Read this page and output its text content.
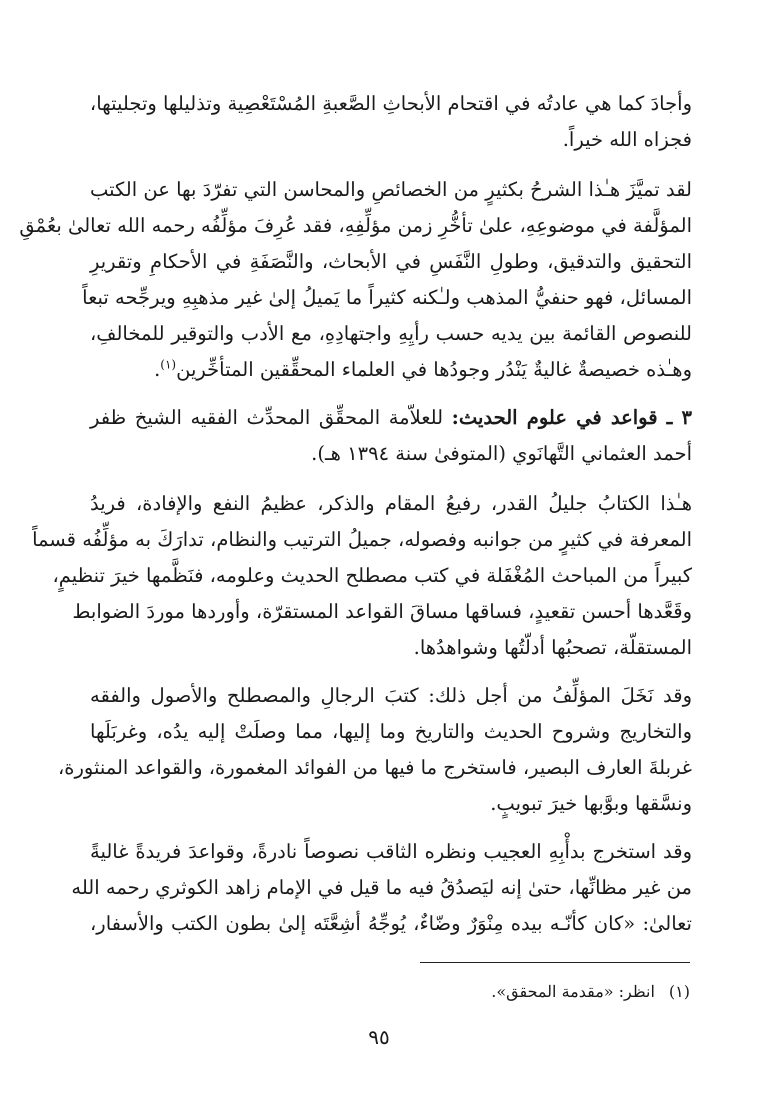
وأجادَ كما هي عادتُه في اقتحام الأبحاثِ الصَّعبةِ المُسْتَعْصِية وتذليلها وتجليتها،
فجزاه الله خيراً.
لقد تميَّزَ هـٰذا الشرحُ بكثيرٍ من الخصائصِ والمحاسن التي تفرّدَ بها عن الكتب
المؤلَّفة في موضوعِهِ، علىٰ تأخُّرِ زمن مؤلِّفِهِ، فقد عُرِفَ مؤلِّفُه رحمه الله تعالىٰ بعُمْقِ
التحقيق والتدقيق، وطولِ النَّفَسِ في الأبحاث، والنَّصَفَةِ في الأحكامِ وتقريرِ
المسائل، فهو حنفيُّ المذهب ولـٰكنه كثيراً ما يَميلُ إلىٰ غير مذهبِهِ ويرجِّحه تبعاً
للنصوص القائمة بين يديه حسب رأيِهِ واجتهادِهِ، مع الأدب والتوقير للمخالفِ،
وهـٰذه خصيصةٌ غاليةٌ يَنْدُر وجودُها في العلماء المحقِّقين المتأخِّرين$^{(١)}$.
٣ ـ قواعد في علوم الحديث: للعلاّمة المحقِّق المحدِّث الفقيه الشيخ ظفر
أحمد العثماني التَّهانَوي (المتوفىٰ سنة ١٣٩٤ هـ).
هـٰذا الكتابُ جليلُ القدر، رفيعُ المقام والذكر، عظيمُ النفع والإفادة، فريدُ
المعرفة في كثيرٍ من جوانبه وفصوله، جميلُ الترتيب والنظام، تدارَكَ به مؤلِّفُه قسماً
كبيراً من المباحث المُغْفَلة في كتب مصطلح الحديث وعلومه، فنَظَّمها خيرَ تنظيمٍ،
وقَعَّدها أحسن تقعيدٍ، فساقها مساقَ القواعد المستقرّة، وأوردها موردَ الضوابط
المستقلّة، تصحبُها أدلّتُها وشواهدُها.
وقد نَخَلَ المؤلِّفُ من أجل ذلك: كتبَ الرجالِ والمصطلح والأصول والفقه
والتخاريج وشروح الحديث والتاريخ وما إليها، مما وصلَتْ إليه يدُه، وغربَلَها
غربلةَ العارف البصير، فاستخرج ما فيها من الفوائد المغمورة، والقواعد المنثورة،
ونسَّقها وبوَّبها خيرَ تبويبٍ.
وقد استخرج بدأْبِهِ العجيب ونظره الثاقب نصوصاً نادرةً، وقواعدَ فريدةً غاليةً
من غير مظانِّها، حتىٰ إنه ليَصدُقُ فيه ما قيل في الإمام زاهد الكوثري رحمه الله
تعالىٰ: «كان كأنّـه بيده مِنْوَرٌ وضّاءٌ، يُوجِّهُ أشِعَّتَه إلىٰ بطون الكتب والأسفار،
(١)انظر: «مقدمة المحقق».
٩٥
